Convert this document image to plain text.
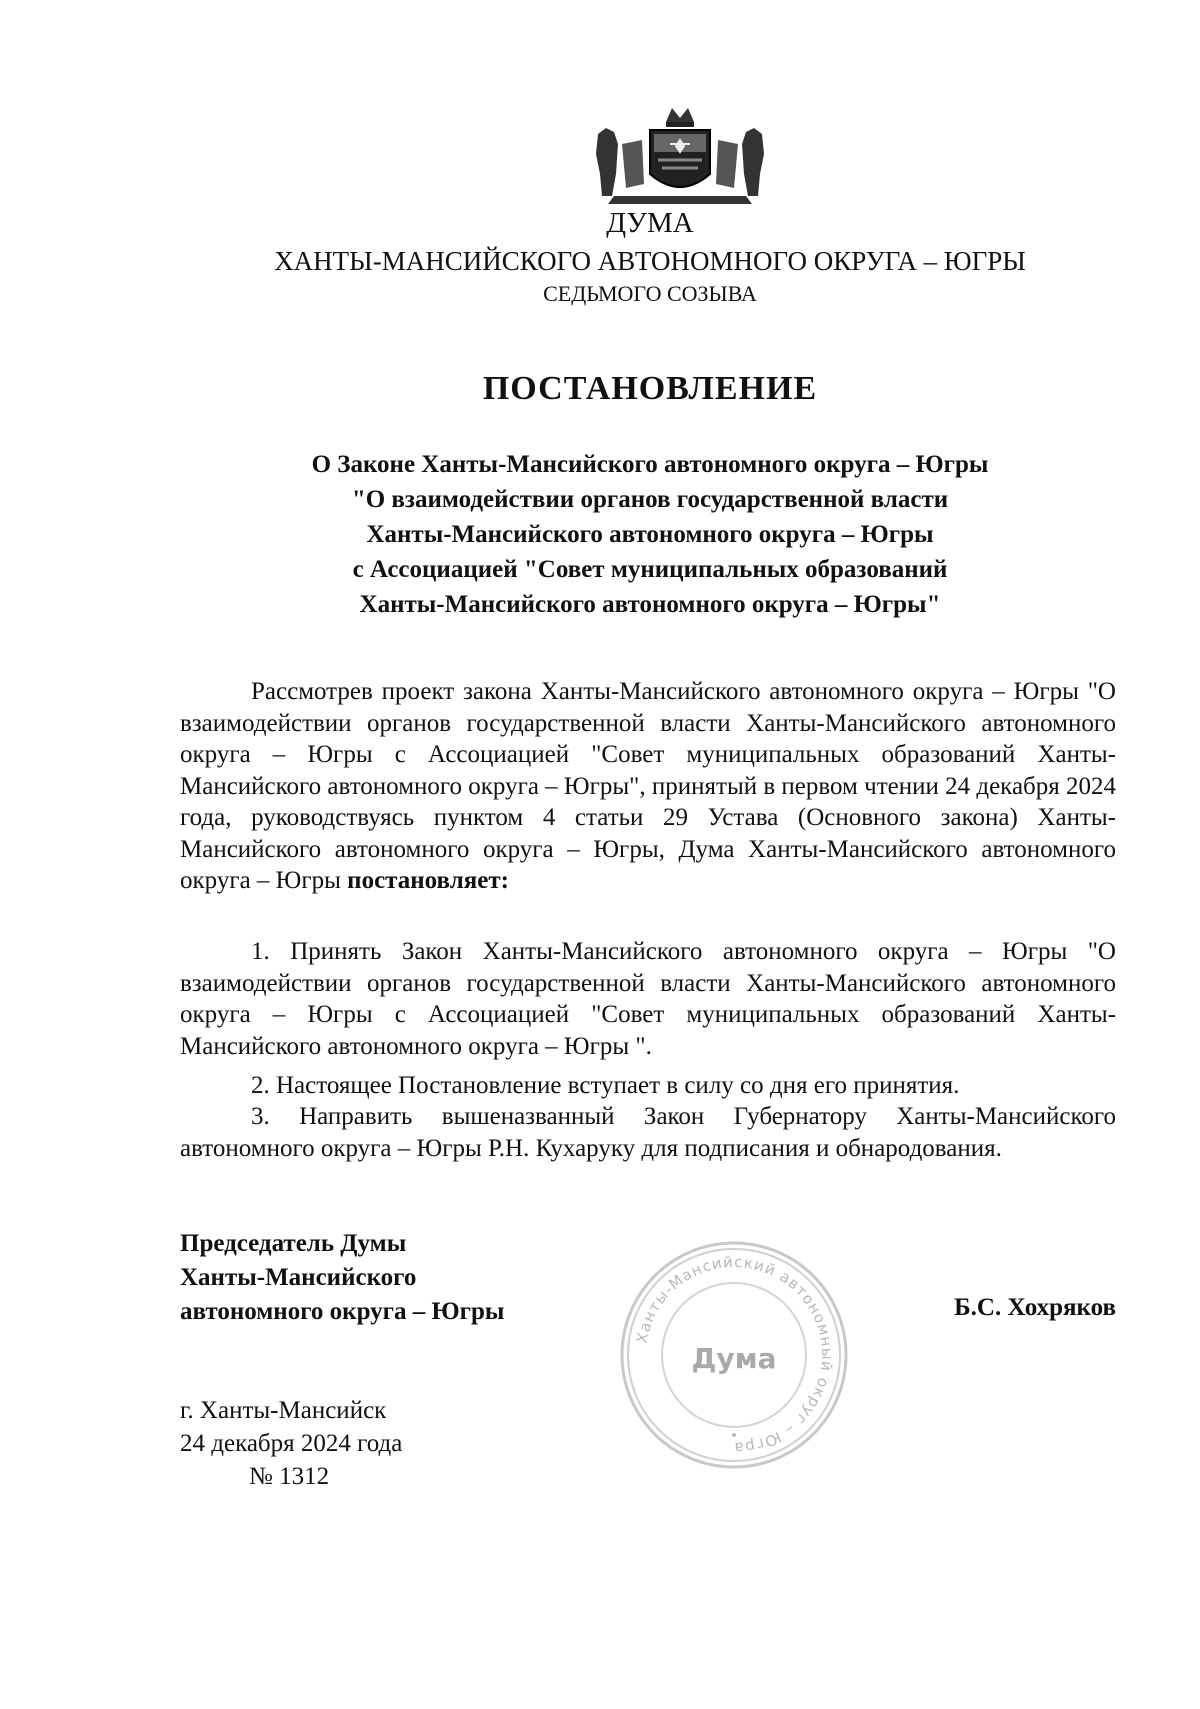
ДУМА
ХАНТЫ-МАНСИЙСКОГО АВТОНОМНОГО ОКРУГА – ЮГРЫ
СЕДЬМОГО СОЗЫВА
ПОСТАНОВЛЕНИЕ
О Законе Ханты-Мансийского автономного округа – Югры
"О взаимодействии органов государственной власти
Ханты-Мансийского автономного округа – Югры
с Ассоциацией "Совет муниципальных образований
Ханты-Мансийского автономного округа – Югры"
Рассмотрев проект закона Ханты-Мансийского автономного округа – Югры "О взаимодействии органов государственной власти Ханты-Мансийского автономного округа – Югры с Ассоциацией "Совет муниципальных образований Ханты-Мансийского автономного округа – Югры", принятый в первом чтении 24 декабря 2024 года, руководствуясь пунктом 4 статьи 29 Устава (Основного закона) Ханты-Мансийского автономного округа – Югры, Дума Ханты-Мансийского автономного округа – Югры постановляет:
1. Принять Закон Ханты-Мансийского автономного округа – Югры "О взаимодействии органов государственной власти Ханты-Мансийского автономного округа – Югры с Ассоциацией "Совет муниципальных образований Ханты-Мансийского автономного округа – Югры ".
2. Настоящее Постановление вступает в силу со дня его принятия.
3. Направить вышеназванный Закон Губернатору Ханты-Мансийского автономного округа – Югры Р.Н. Кухаруку для подписания и обнародования.
Председатель Думы
Ханты-Мансийского
автономного округа – Югры
Ханты-Мансийский автономный округ – Югра
Дума
Б.С. Хохряков
г. Ханты-Мансийск
24 декабря 2024 года
№ 1312
